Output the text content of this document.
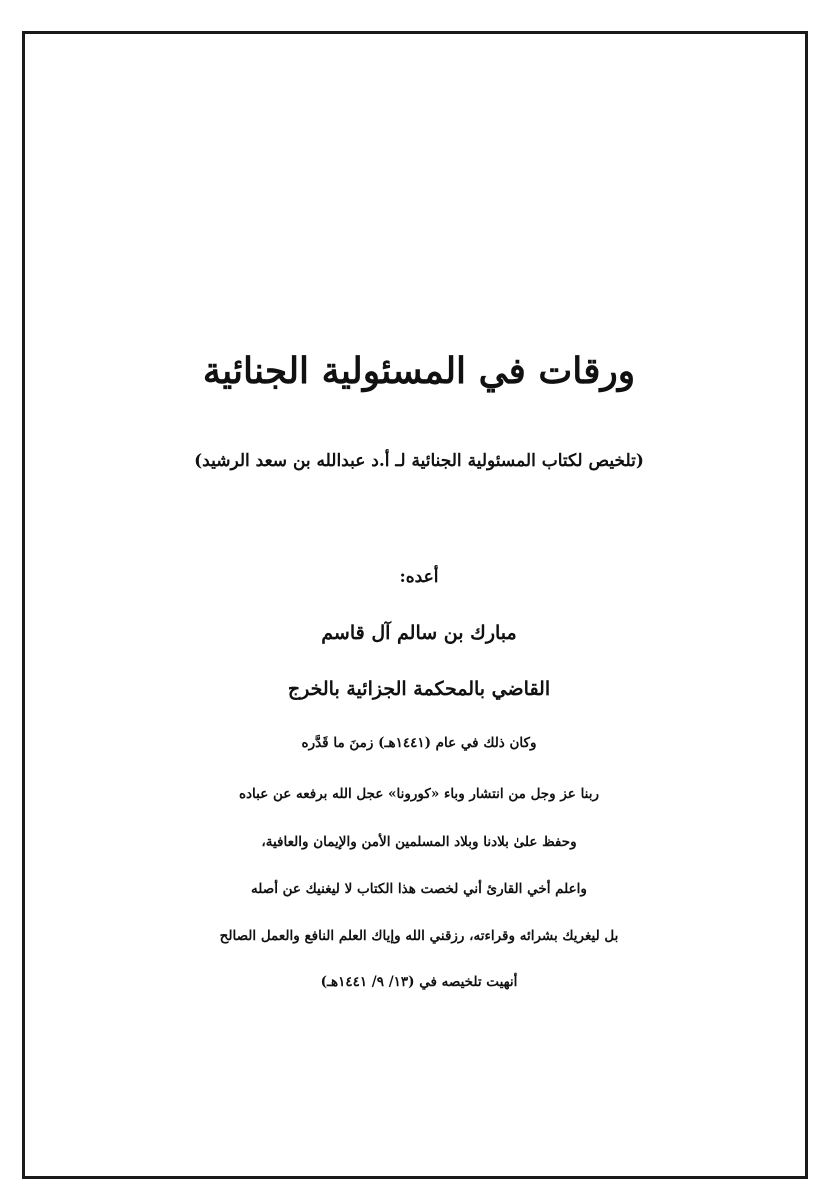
ورقات في المسئولية الجنائية
(تلخيص لكتاب المسئولية الجنائية لـ أ.د عبدالله بن سعد الرشيد)
أعده:
مبارك بن سالم آل قاسم
القاضي بالمحكمة الجزائية بالخرج
وكان ذلك في عام (١٤٤١هـ) زمنَ ما قَدَّره
ربنا عز وجل من انتشار وباء «كورونا» عجل الله برفعه عن عباده
وحفظ علىٰ بلادنا وبلاد المسلمين الأمن والإيمان والعافية،
واعلم أخي القارئ أني لخصت هذا الكتاب لا ليغنيك عن أصله
بل ليغريك بشرائه وقراءته، رزقني الله وإياك العلم النافع والعمل الصالح
أنهيت تلخيصه في (١٣/ ٩/ ١٤٤١هـ)
